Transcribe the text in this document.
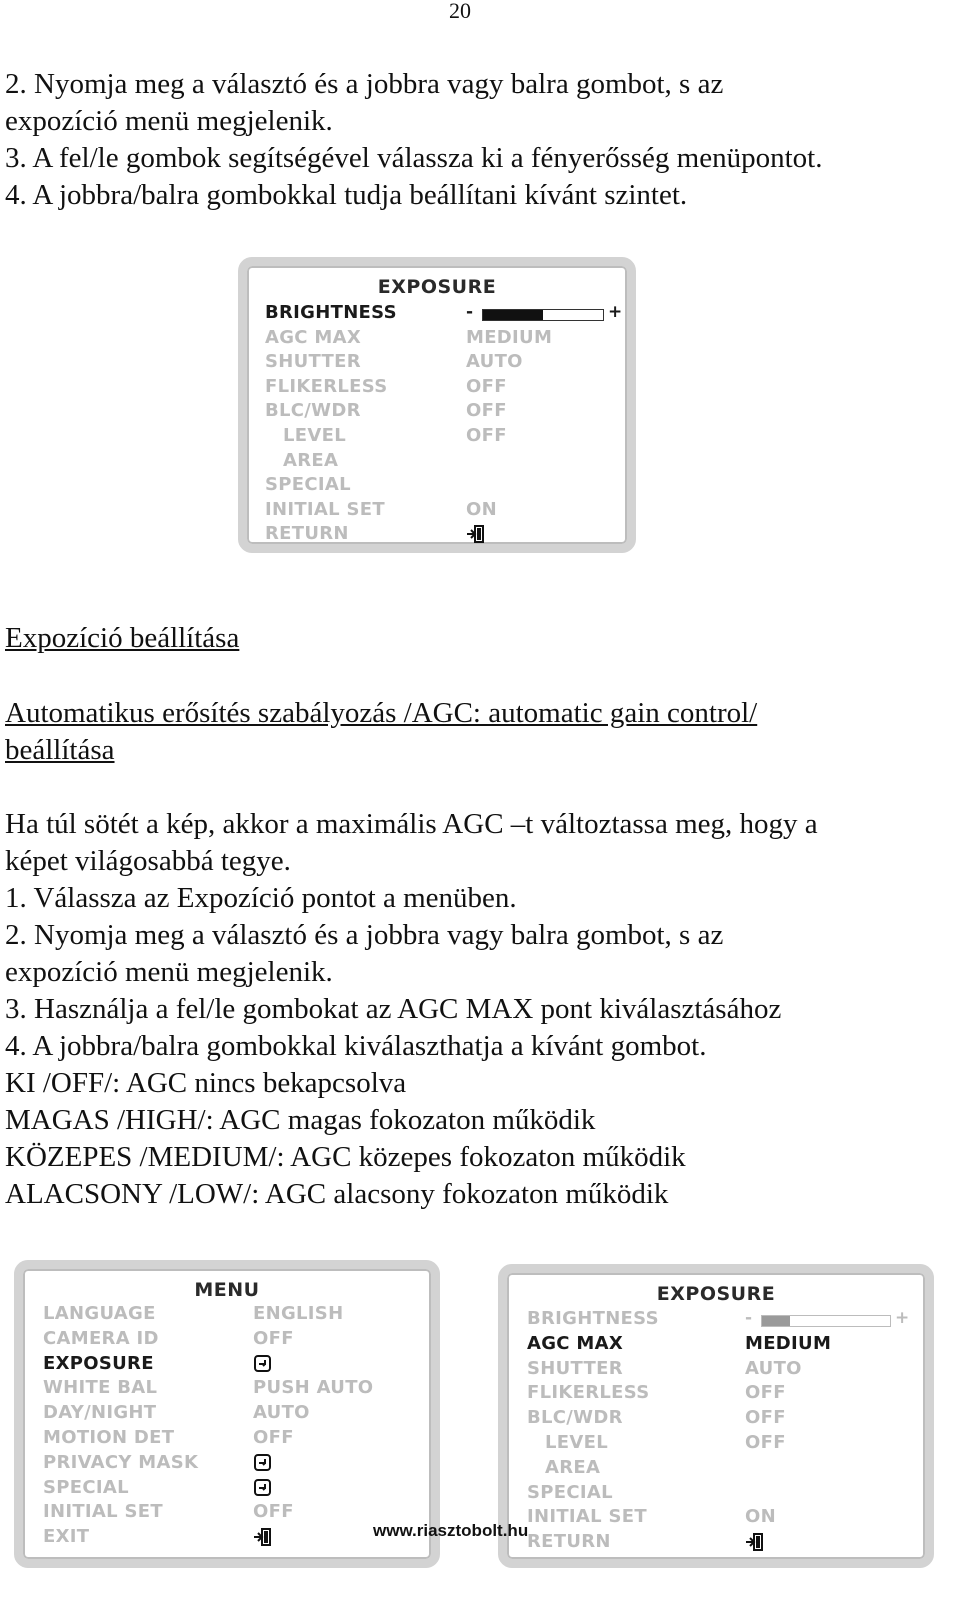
20
2. Nyomja meg a választó és a jobbra vagy balra gombot, s az
expozíció menü megjelenik.
3. A fel/le gombok segítségével válassza ki a fényerősség menüpontot.
4. A jobbra/balra gombokkal tudja beállítani kívánt szintet.
EXPOSURE
BRIGHTNESS	-	+
AGC MAX	MEDIUM
SHUTTER	AUTO
FLIKERLESS	OFF
BLC/WDR	OFF
LEVEL	OFF
AREA
SPECIAL
INITIAL SET	ON
RETURN
Expozíció beállítása
Automatikus erősítés szabályozás /AGC: automatic gain control/
beállítása
Ha túl sötét a kép, akkor a maximális AGC –t változtassa meg, hogy a
képet világosabbá tegye.
1. Válassza az Expozíció pontot a menüben.
2. Nyomja meg a választó és a jobbra vagy balra gombot, s az
expozíció menü megjelenik.
3. Használja a fel/le gombokat az AGC MAX pont kiválasztásához
4. A jobbra/balra gombokkal kiválaszthatja a kívánt gombot.
KI /OFF/: AGC nincs bekapcsolva
MAGAS /HIGH/: AGC magas fokozaton működik
KÖZEPES /MEDIUM/: AGC közepes fokozaton működik
ALACSONY /LOW/: AGC alacsony fokozaton működik
MENU
LANGUAGE	ENGLISH
CAMERA ID	OFF
EXPOSURE
WHITE BAL	PUSH AUTO
DAY/NIGHT	AUTO
MOTION DET	OFF
PRIVACY MASK
SPECIAL
INITIAL SET	OFF
EXIT
EXPOSURE
BRIGHTNESS	-	+
AGC MAX	MEDIUM
SHUTTER	AUTO
FLIKERLESS	OFF
BLC/WDR	OFF
LEVEL	OFF
AREA
SPECIAL
INITIAL SET	ON
RETURN
www.riasztobolt.hu
